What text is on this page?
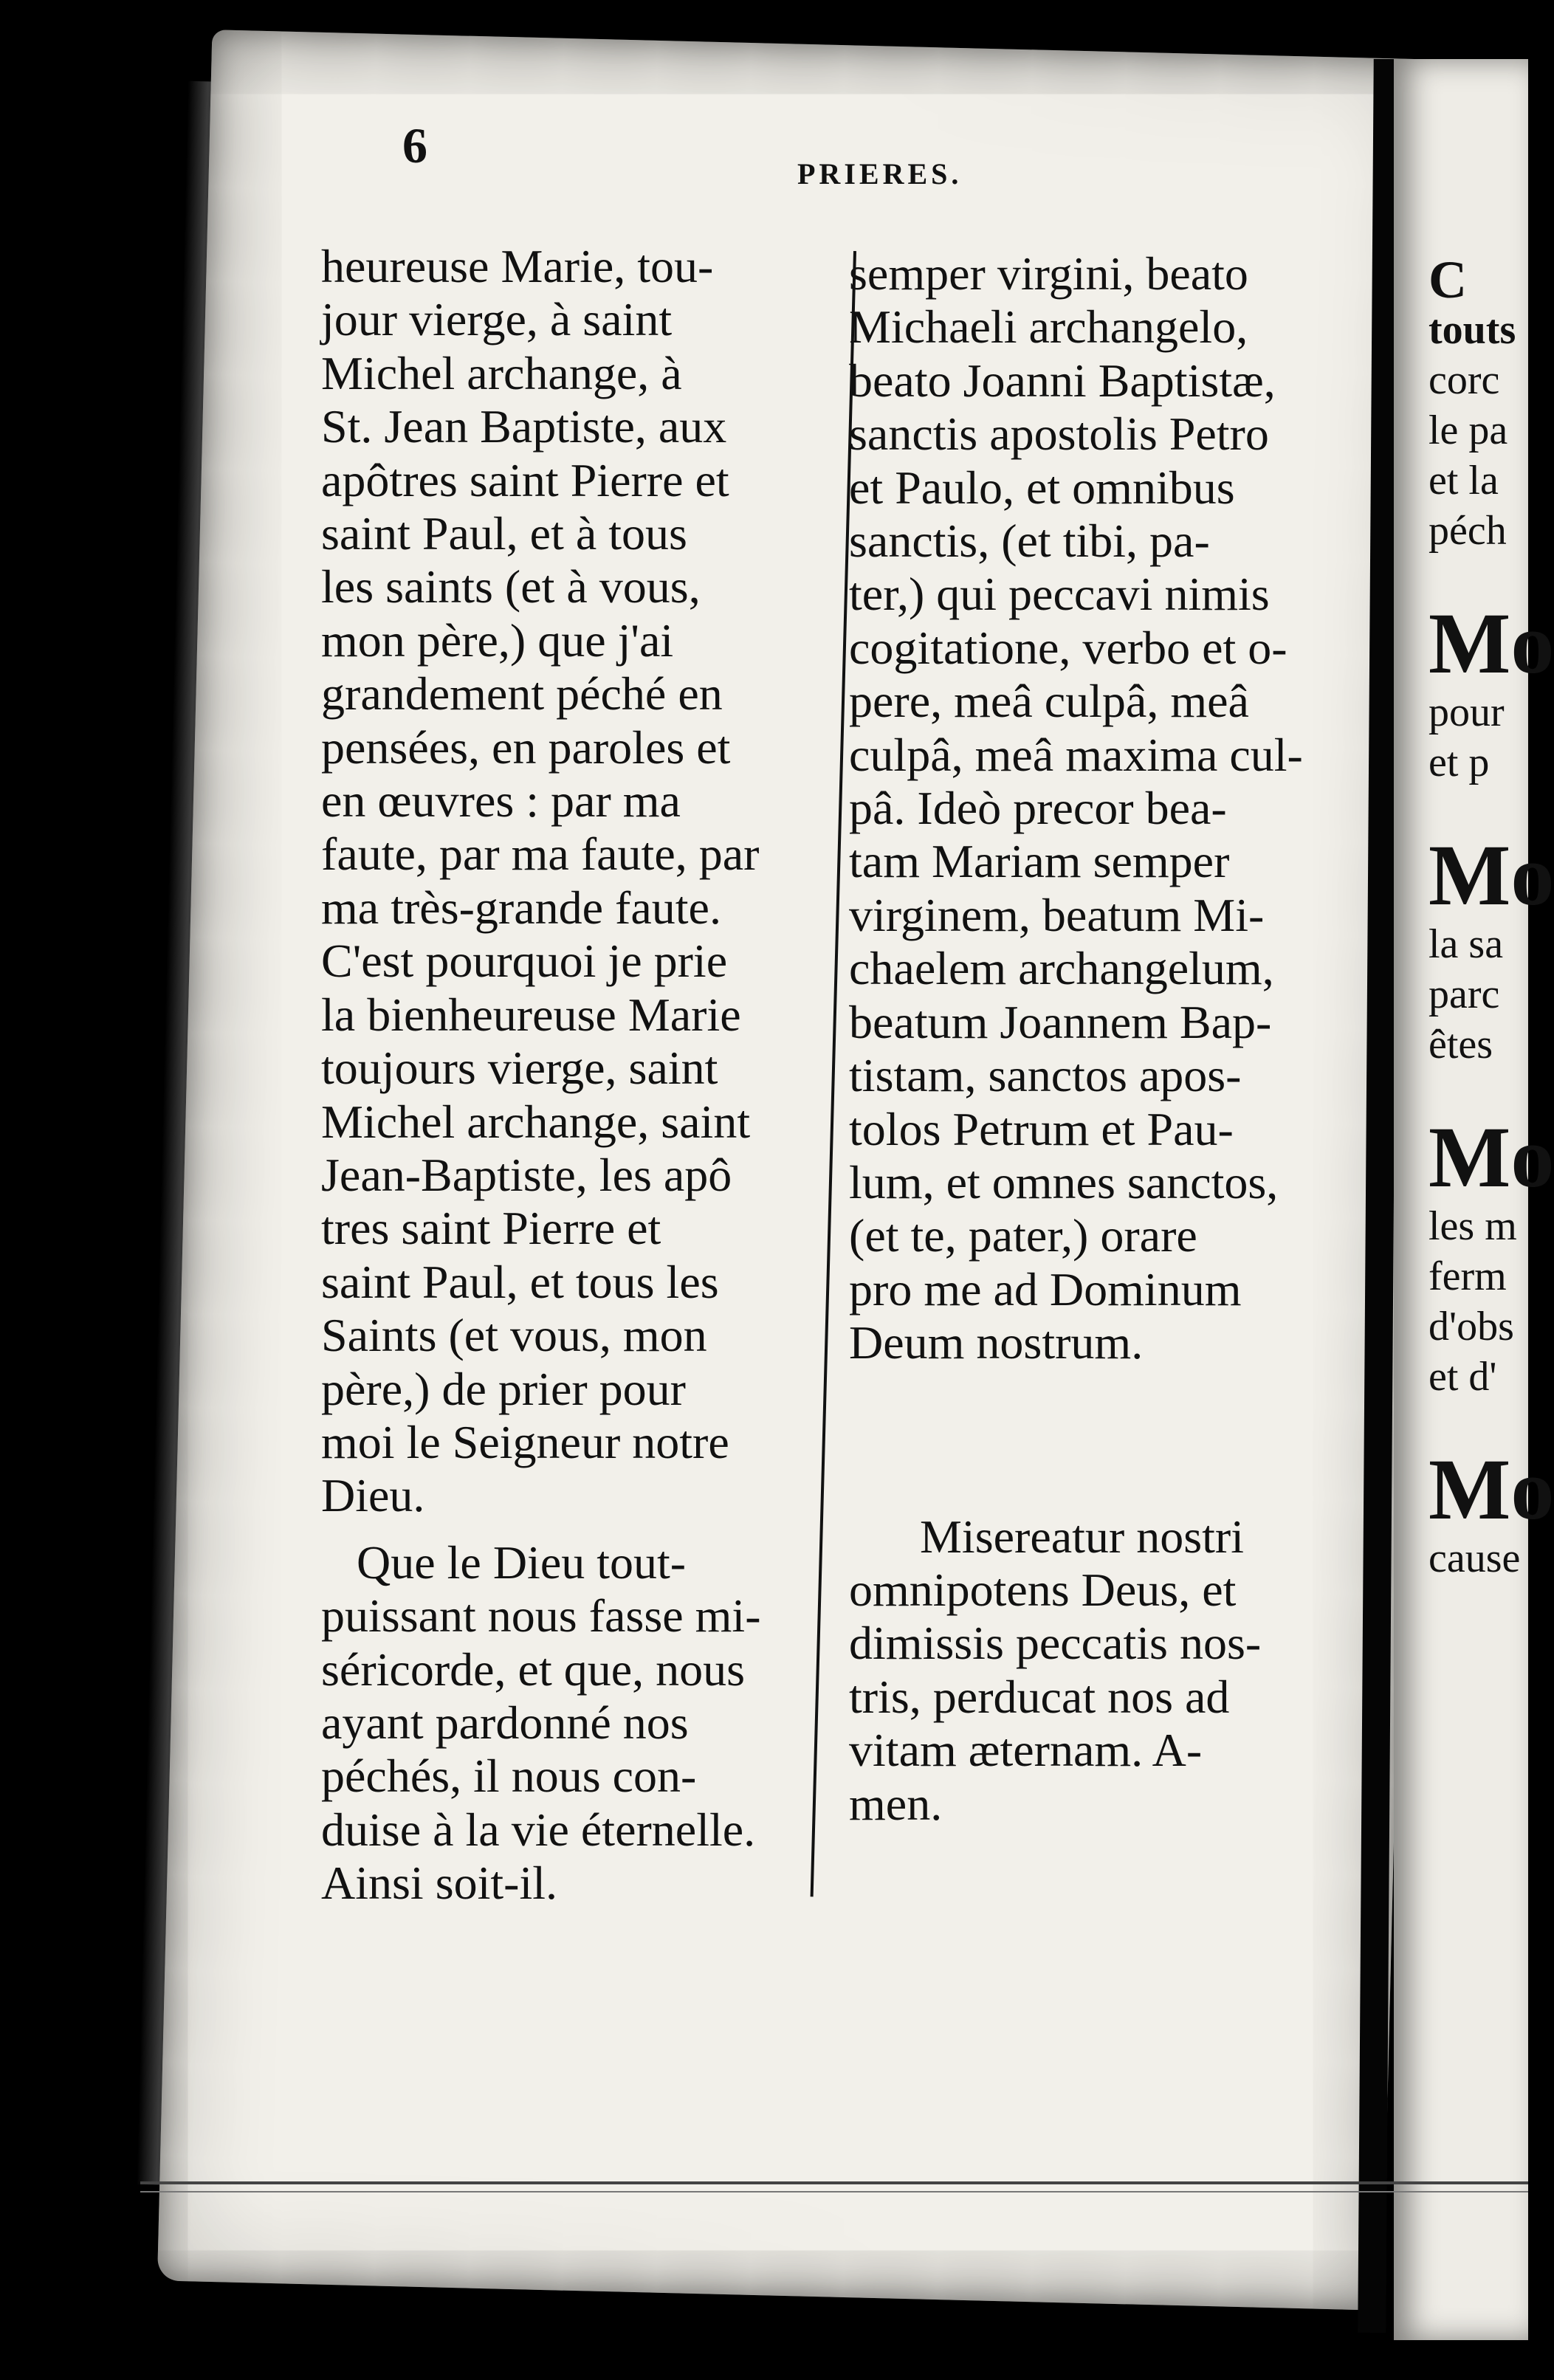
6
PRIERES.

heureuse Marie, tou-
jour vierge, à saint
Michel archange, à
St. Jean Baptiste, aux
apôtres saint Pierre et
saint Paul, et à tous
les saints (et à vous,
mon père,) que j'ai
grandement péché en
pensées, en paroles et
en œuvres : par ma
faute, par ma faute, par
ma très-grande faute.
C'est pourquoi je prie
la bienheureuse Marie
toujours vierge, saint
Michel archange, saint
Jean-Baptiste, les apô
tres saint Pierre et
saint Paul, et tous les
Saints (et vous, mon
père,) de prier pour
moi le Seigneur notre
Dieu.

Que le Dieu tout-
puissant nous fasse mi-
séricorde, et que, nous
ayant pardonné nos
péchés, il nous con-
duise à la vie éternelle.
Ainsi soit-il.

semper virgini, beato
Michaeli archangelo,
beato Joanni Baptistæ,
sanctis apostolis Petro
et Paulo, et omnibus
sanctis, (et tibi, pa-
ter,) qui peccavi nimis
cogitatione, verbo et o-
pere, meâ culpâ, meâ
culpâ, meâ maxima cul-
pâ. Ideò precor bea-
tam Mariam semper
virginem, beatum Mi-
chaelem archangelum,
beatum Joannem Bap-
tistam, sanctos apos-
tolos Petrum et Pau-
lum, et omnes sanctos,
(et te, pater,) orare
pro me ad Dominum
Deum nostrum.

Misereatur nostri
omnipotens Deus, et
dimissis peccatis nos-
tris, perducat nos ad
vitam æternam. A-
men.

C
touts
corc
le pa
et la
péch
Mo
pour
et p
Mo
la sa
parc
êtes
Mo
les m
ferm
d'obs
et d'
Mo
cause
